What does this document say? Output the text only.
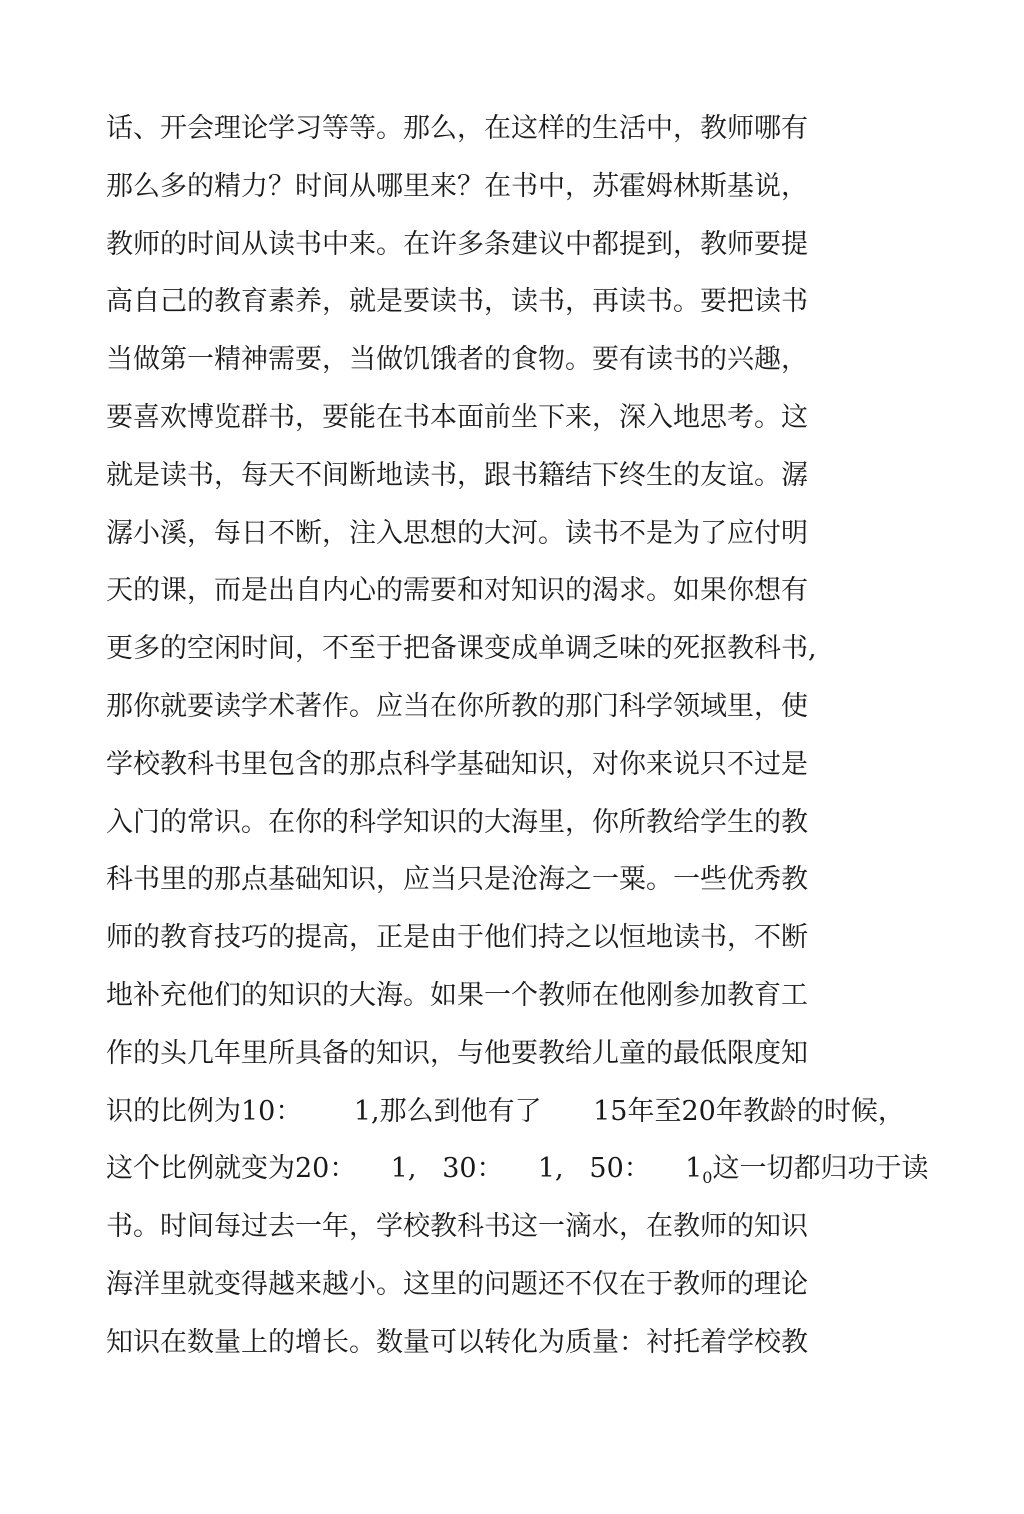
话、开会理论学习等等。那么，在这样的生活中，教师哪有
那么多的精力？时间从哪里来？在书中，苏霍姆林斯基说，
教师的时间从读书中来。在许多条建议中都提到，教师要提
高自己的教育素养，就是要读书，读书，再读书。要把读书
当做第一精神需要，当做饥饿者的食物。要有读书的兴趣，
要喜欢博览群书，要能在书本面前坐下来，深入地思考。这
就是读书，每天不间断地读书，跟书籍结下终生的友谊。潺
潺小溪，每日不断，注入思想的大河。读书不是为了应付明
天的课，而是出自内心的需要和对知识的渴求。如果你想有
更多的空闲时间，不至于把备课变成单调乏味的死抠教科书,
那你就要读学术著作。应当在你所教的那门科学领域里，使
学校教科书里包含的那点科学基础知识，对你来说只不过是
入门的常识。在你的科学知识的大海里，你所教给学生的教
科书里的那点基础知识，应当只是沧海之一粟。一些优秀教
师的教育技巧的提高，正是由于他们持之以恒地读书，不断
地补充他们的知识的大海。如果一个教师在他刚参加教育工
作的头几年里所具备的知识，与他要教给儿童的最低限度知
识的比例为10：      1,那么到他有了      15年至20年教龄的时候，
这个比例就变为20：    1,   30：    1,   50：    $1_0$这一切都归功于读
书。时间每过去一年，学校教科书这一滴水，在教师的知识
海洋里就变得越来越小。这里的问题还不仅在于教师的理论
知识在数量上的增长。数量可以转化为质量：衬托着学校教
